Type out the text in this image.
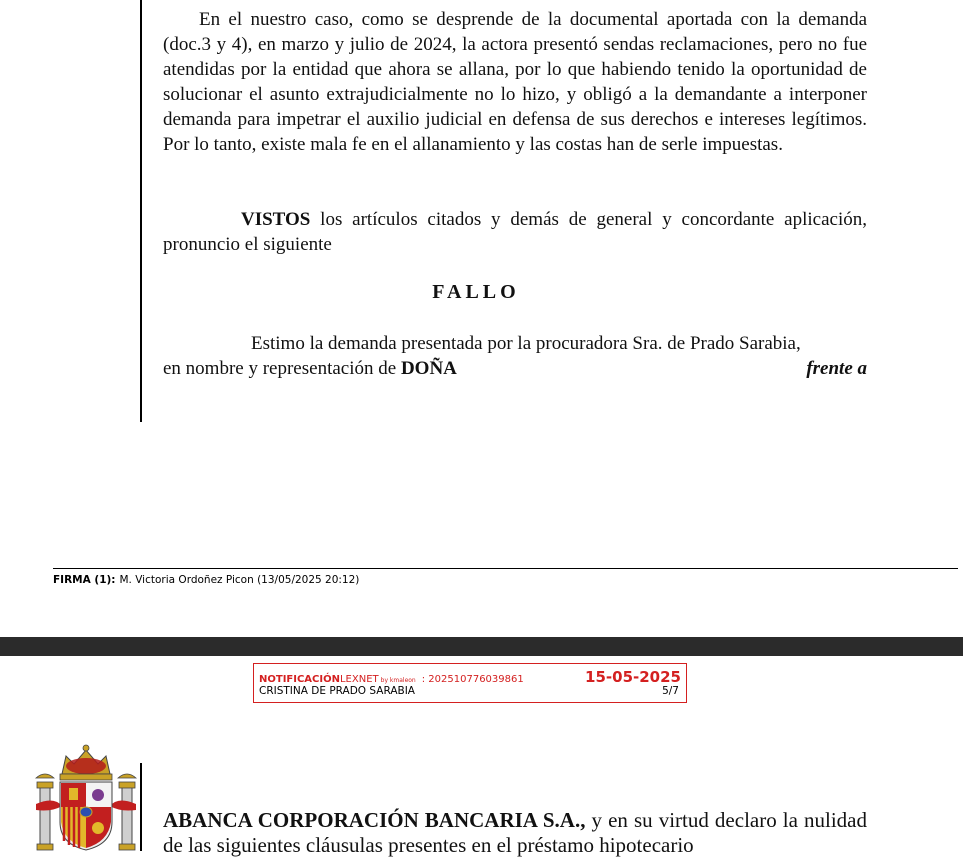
En el nuestro caso, como se desprende de la documental aportada con la demanda (doc.3 y 4), en marzo y julio de 2024, la actora presentó sendas reclamaciones, pero no fue atendidas por la entidad que ahora se allana, por lo que habiendo tenido la oportunidad de solucionar el asunto extrajudicialmente no lo hizo, y obligó a la demandante a interponer demanda para impetrar el auxilio judicial en defensa de sus derechos e intereses legítimos. Por lo tanto, existe mala fe en el allanamiento y las costas han de serle impuestas.

VISTOS los artículos citados y demás de general y concordante aplicación, pronuncio el siguiente

FALLO
Estimo la demanda presentada por la procuradora Sra. de Prado Sarabia,
en nombre y representación de DOÑA	frente a
FIRMA (1): M. Victoria Ordoñez Picon (13/05/2025 20:12)
NOTIFICACIÓN LEXNET by kmaleon : 202510776039861	15-05-2025
CRISTINA DE PRADO SARABIA	5/7

ABANCA CORPORACIÓN BANCARIA S.A., y en su virtud declaro la nulidad de las siguientes cláusulas presentes en el préstamo hipotecario
